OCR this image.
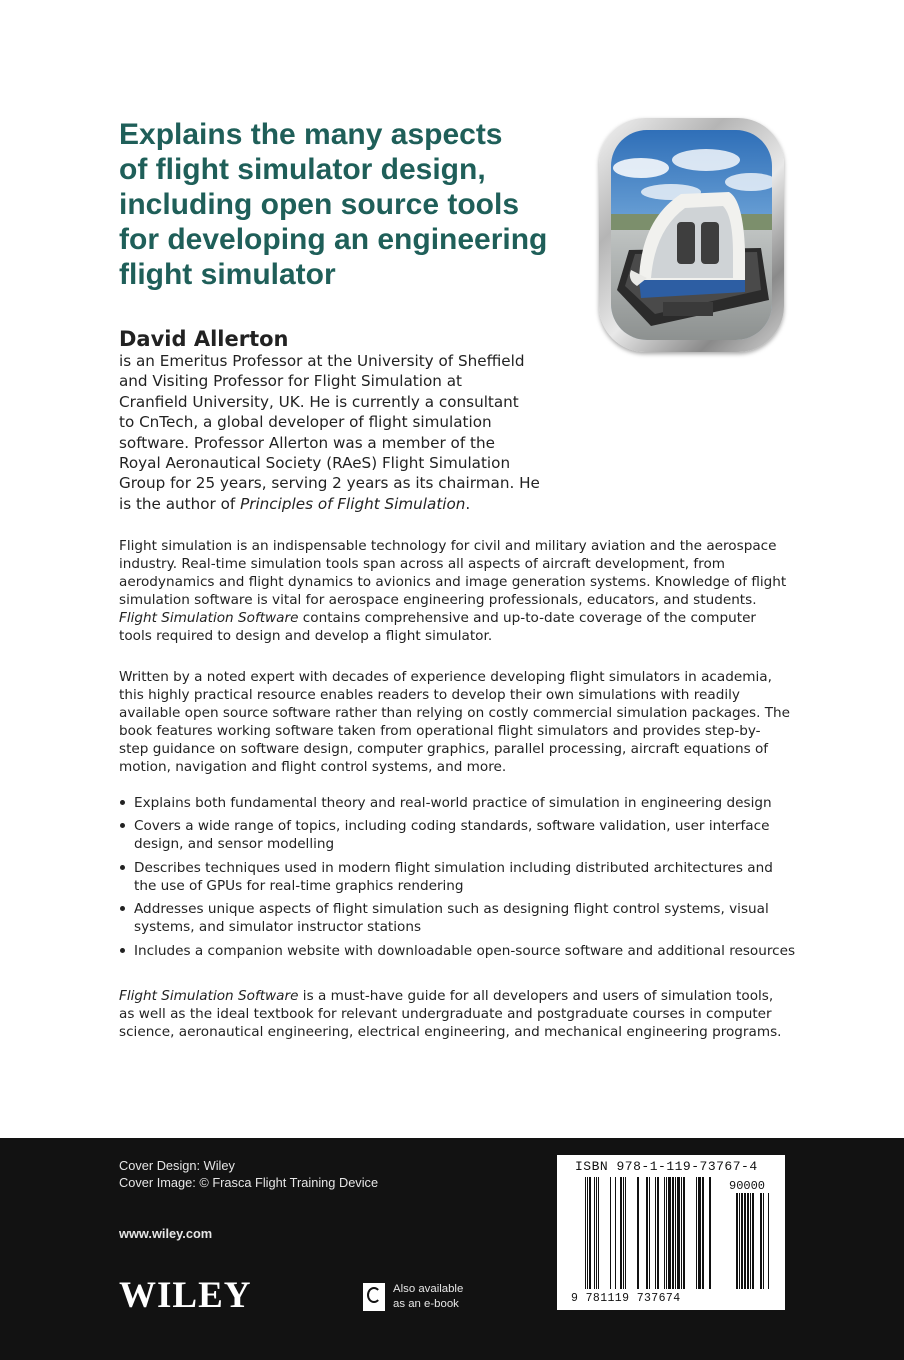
Explains the many aspects
of flight simulator design,
including open source tools
for developing an engineering
flight simulator
David Allerton

is an Emeritus Professor at the University of Sheffield
and Visiting Professor for Flight Simulation at
Cranfield University, UK. He is currently a consultant
to CnTech, a global developer of flight simulation
software. Professor Allerton was a member of the
Royal Aeronautical Society (RAeS) Flight Simulation
Group for 25 years, serving 2 years as its chairman. He
is the author of Principles of Flight Simulation.

Flight simulation is an indispensable technology for civil and military aviation and the aerospace
industry. Real-time simulation tools span across all aspects of aircraft development, from
aerodynamics and flight dynamics to avionics and image generation systems. Knowledge of flight
simulation software is vital for aerospace engineering professionals, educators, and students.
Flight Simulation Software contains comprehensive and up-to-date coverage of the computer
tools required to design and develop a flight simulator.

Written by a noted expert with decades of experience developing flight simulators in academia,
this highly practical resource enables readers to develop their own simulations with readily
available open source software rather than relying on costly commercial simulation packages. The
book features working software taken from operational flight simulators and provides step-by-
step guidance on software design, computer graphics, parallel processing, aircraft equations of
motion, navigation and flight control systems, and more.

Explains both fundamental theory and real-world practice of simulation in engineering design
Covers a wide range of topics, including coding standards, software validation, user interface
design, and sensor modelling
Describes techniques used in modern flight simulation including distributed architectures and
the use of GPUs for real-time graphics rendering
Addresses unique aspects of flight simulation such as designing flight control systems, visual
systems, and simulator instructor stations
Includes a companion website with downloadable open-source software and additional resources

Flight Simulation Software is a must-have guide for all developers and users of simulation tools,
as well as the ideal textbook for relevant undergraduate and postgraduate courses in computer
science, aeronautical engineering, electrical engineering, and mechanical engineering programs.

Cover Design: Wiley

Cover Image: © Frasca Flight Training Device

www.wiley.com

WILEY	Also available
as an e-book

ISBN 978-1-119-73767-4

90000

9 781119 737674
